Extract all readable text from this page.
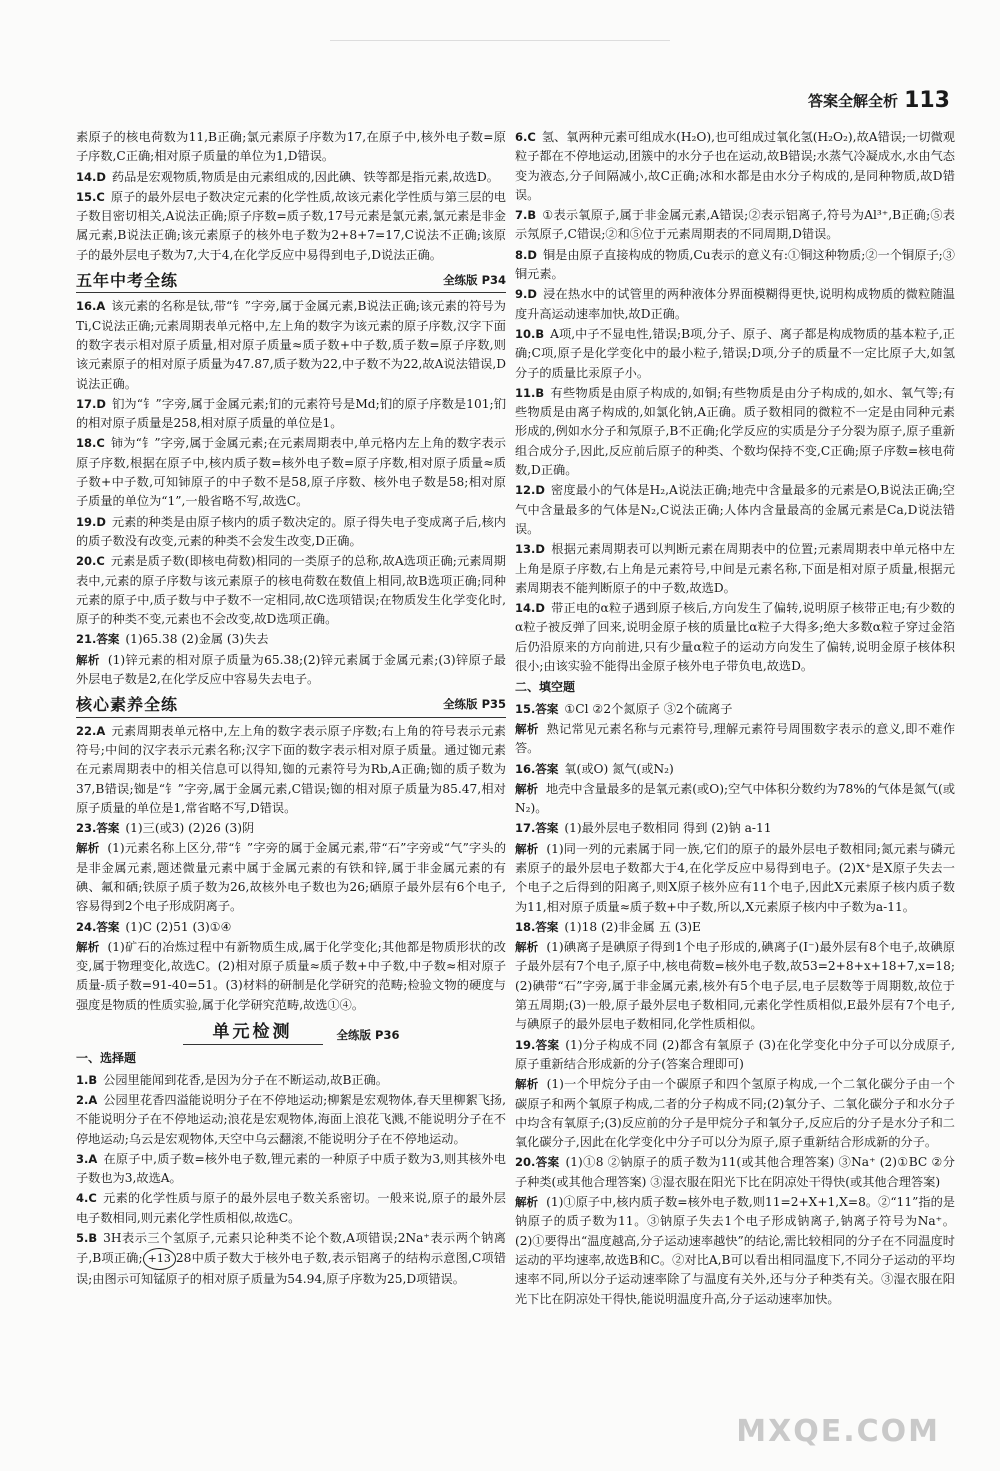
答案全解全析 113
素原子的核电荷数为11,B正确;氯元素原子序数为17,在原子中,核外电子数=原子序数,C正确;相对原子质量的单位为1,D错误。
14.D 药品是宏观物质,物质是由元素组成的,因此碘、铁等都是指元素,故选D。
15.C 原子的最外层电子数决定元素的化学性质,故该元素化学性质与第三层的电子数目密切相关,A说法正确;原子序数=质子数,17号元素是氯元素,氯元素是非金属元素,B说法正确;该元素原子的核外电子数为2+8+7=17,C说法不正确;该原子的最外层电子数为7,大于4,在化学反应中易得到电子,D说法正确。
五年中考全练	全练版 P34
16.A 该元素的名称是钛,带“钅”字旁,属于金属元素,B说法正确;该元素的符号为Ti,C说法正确;元素周期表单元格中,左上角的数字为该元素的原子序数,汉字下面的数字表示相对原子质量,相对原子质量≈质子数+中子数,质子数=原子序数,则该元素原子的相对原子质量为47.87,质子数为22,中子数不为22,故A说法错误,D说法正确。
17.D 钔为“钅”字旁,属于金属元素;钔的元素符号是Md;钔的原子序数是101;钔的相对原子质量是258,相对原子质量的单位是1。
18.C 铈为“钅”字旁,属于金属元素;在元素周期表中,单元格内左上角的数字表示原子序数,根据在原子中,核内质子数=核外电子数=原子序数,相对原子质量≈质子数+中子数,可知铈原子的中子数不是58,原子序数、核外电子数是58;相对原子质量的单位为“1”,一般省略不写,故选C。
19.D 元素的种类是由原子核内的质子数决定的。原子得失电子变成离子后,核内的质子数没有改变,元素的种类不会发生改变,D正确。
20.C 元素是质子数(即核电荷数)相同的一类原子的总称,故A选项正确;元素周期表中,元素的原子序数与该元素原子的核电荷数在数值上相同,故B选项正确;同种元素的原子中,质子数与中子数不一定相同,故C选项错误;在物质发生化学变化时,原子的种类不变,元素也不会改变,故D选项正确。
21.答案 (1)65.38 (2)金属 (3)失去
解析 (1)锌元素的相对原子质量为65.38;(2)锌元素属于金属元素;(3)锌原子最外层电子数是2,在化学反应中容易失去电子。
核心素养全练	全练版 P35
22.A 元素周期表单元格中,左上角的数字表示原子序数;右上角的符号表示元素符号;中间的汉字表示元素名称;汉字下面的数字表示相对原子质量。通过铷元素在元素周期表中的相关信息可以得知,铷的元素符号为Rb,A正确;铷的质子数为37,B错误;铷是“钅”字旁,属于金属元素,C错误;铷的相对原子质量为85.47,相对原子质量的单位是1,常省略不写,D错误。
23.答案 (1)三(或3) (2)26 (3)阴
解析 (1)元素名称上区分,带“钅”字旁的属于金属元素,带“石”字旁或“气”字头的是非金属元素,题述微量元素中属于金属元素的有铁和锌,属于非金属元素的有碘、氟和硒;铁原子质子数为26,故核外电子数也为26;硒原子最外层有6个电子,容易得到2个电子形成阴离子。
24.答案 (1)C (2)51 (3)①④
解析 (1)矿石的冶炼过程中有新物质生成,属于化学变化;其他都是物质形状的改变,属于物理变化,故选C。(2)相对原子质量≈质子数+中子数,中子数≈相对原子质量-质子数=91-40=51。(3)材料的研制是化学研究的范畴;检验文物的硬度与强度是物质的性质实验,属于化学研究范畴,故选①④。
单元检测	全练版 P36
一、选择题
1.B 公园里能闻到花香,是因为分子在不断运动,故B正确。
2.A 公园里花香四溢能说明分子在不停地运动;柳絮是宏观物体,春天里柳絮飞扬,不能说明分子在不停地运动;浪花是宏观物体,海面上浪花飞溅,不能说明分子在不停地运动;乌云是宏观物体,天空中乌云翻滚,不能说明分子在不停地运动。
3.A 在原子中,质子数=核外电子数,锂元素的一种原子中质子数为3,则其核外电子数也为3,故选A。
4.C 元素的化学性质与原子的最外层电子数关系密切。一般来说,原子的最外层电子数相同,则元素化学性质相似,故选C。
5.B 3H表示三个氢原子,元素只论种类不论个数,A项错误;2Na⁺表示两个钠离子,B项正确; +13 28中质子数大于核外电子数,表示铝离子的结构示意图,C项错误;由图示可知锰原子的相对原子质量为54.94,原子序数为25,D项错误。
6.C 氢、氧两种元素可组成水(H₂O),也可组成过氧化氢(H₂O₂),故A错误;一切微观粒子都在不停地运动,团簇中的水分子也在运动,故B错误;水蒸气冷凝成水,水由气态变为液态,分子间隔减小,故C正确;冰和水都是由水分子构成的,是同种物质,故D错误。
7.B ①表示氧原子,属于非金属元素,A错误;②表示铝离子,符号为Al³⁺,B正确;⑤表示氖原子,C错误;②和⑤位于元素周期表的不同周期,D错误。
8.D 铜是由原子直接构成的物质,Cu表示的意义有:①铜这种物质;②一个铜原子;③铜元素。
9.D 浸在热水中的试管里的两种液体分界面模糊得更快,说明构成物质的微粒随温度升高运动速率加快,故D正确。
10.B A项,中子不显电性,错误;B项,分子、原子、离子都是构成物质的基本粒子,正确;C项,原子是化学变化中的最小粒子,错误;D项,分子的质量不一定比原子大,如氢分子的质量比汞原子小。
11.B 有些物质是由原子构成的,如铜;有些物质是由分子构成的,如水、氧气等;有些物质是由离子构成的,如氯化钠,A正确。质子数相同的微粒不一定是由同种元素形成的,例如水分子和氖原子,B不正确;化学反应的实质是分子分裂为原子,原子重新组合成分子,因此,反应前后原子的种类、个数均保持不变,C正确;原子序数=核电荷数,D正确。
12.D 密度最小的气体是H₂,A说法正确;地壳中含量最多的元素是O,B说法正确;空气中含量最多的气体是N₂,C说法正确;人体内含量最高的金属元素是Ca,D说法错误。
13.D 根据元素周期表可以判断元素在周期表中的位置;元素周期表中单元格中左上角是原子序数,右上角是元素符号,中间是元素名称,下面是相对原子质量,根据元素周期表不能判断原子的中子数,故选D。
14.D 带正电的α粒子遇到原子核后,方向发生了偏转,说明原子核带正电;有少数的α粒子被反弹了回来,说明金原子核的质量比α粒子大得多;绝大多数α粒子穿过金箔后仍沿原来的方向前进,只有少量α粒子的运动方向发生了偏转,说明金原子核体积很小;由该实验不能得出金原子核外电子带负电,故选D。
二、填空题
15.答案 ①Cl ②2个氮原子 ③2个硫离子
解析 熟记常见元素名称与元素符号,理解元素符号周围数字表示的意义,即不难作答。
16.答案 氧(或O) 氮气(或N₂)
解析 地壳中含量最多的是氧元素(或O);空气中体积分数约为78%的气体是氮气(或N₂)。
17.答案 (1)最外层电子数相同 得到 (2)钠 a-11
解析 (1)同一列的元素属于同一族,它们的原子的最外层电子数相同;氮元素与磷元素原子的最外层电子数都大于4,在化学反应中易得到电子。(2)X⁺是X原子失去一个电子之后得到的阳离子,则X原子核外应有11个电子,因此X元素原子核内质子数为11,相对原子质量≈质子数+中子数,所以,X元素原子核内中子数为a-11。
18.答案 (1)18 (2)非金属 五 (3)E
解析 (1)碘离子是碘原子得到1个电子形成的,碘离子(I⁻)最外层有8个电子,故碘原子最外层有7个电子,原子中,核电荷数=核外电子数,故53=2+8+x+18+7,x=18;(2)碘带“石”字旁,属于非金属元素,核外有5个电子层,电子层数等于周期数,故位于第五周期;(3)一般,原子最外层电子数相同,元素化学性质相似,E最外层有7个电子,与碘原子的最外层电子数相同,化学性质相似。
19.答案 (1)分子构成不同 (2)都含有氧原子 (3)在化学变化中分子可以分成原子,原子重新结合形成新的分子(答案合理即可)
解析 (1)一个甲烷分子由一个碳原子和四个氢原子构成,一个二氧化碳分子由一个碳原子和两个氧原子构成,二者的分子构成不同;(2)氧分子、二氧化碳分子和水分子中均含有氧原子;(3)反应前的分子是甲烷分子和氧分子,反应后的分子是水分子和二氧化碳分子,因此在化学变化中分子可以分为原子,原子重新结合形成新的分子。
20.答案 (1)①8 ②钠原子的质子数为11(或其他合理答案) ③Na⁺ (2)①BC ②分子种类(或其他合理答案) ③湿衣服在阳光下比在阴凉处干得快(或其他合理答案)
解析 (1)①原子中,核内质子数=核外电子数,则11=2+X+1,X=8。②“11”指的是钠原子的质子数为11。③钠原子失去1个电子形成钠离子,钠离子符号为Na⁺。(2)①要得出“温度越高,分子运动速率越快”的结论,需比较相同的分子在不同温度时运动的平均速率,故选B和C。②对比A,B可以看出相同温度下,不同分子运动的平均速率不同,所以分子运动速率除了与温度有关外,还与分子种类有关。③湿衣服在阳光下比在阴凉处干得快,能说明温度升高,分子运动速率加快。
MXQE.COM
